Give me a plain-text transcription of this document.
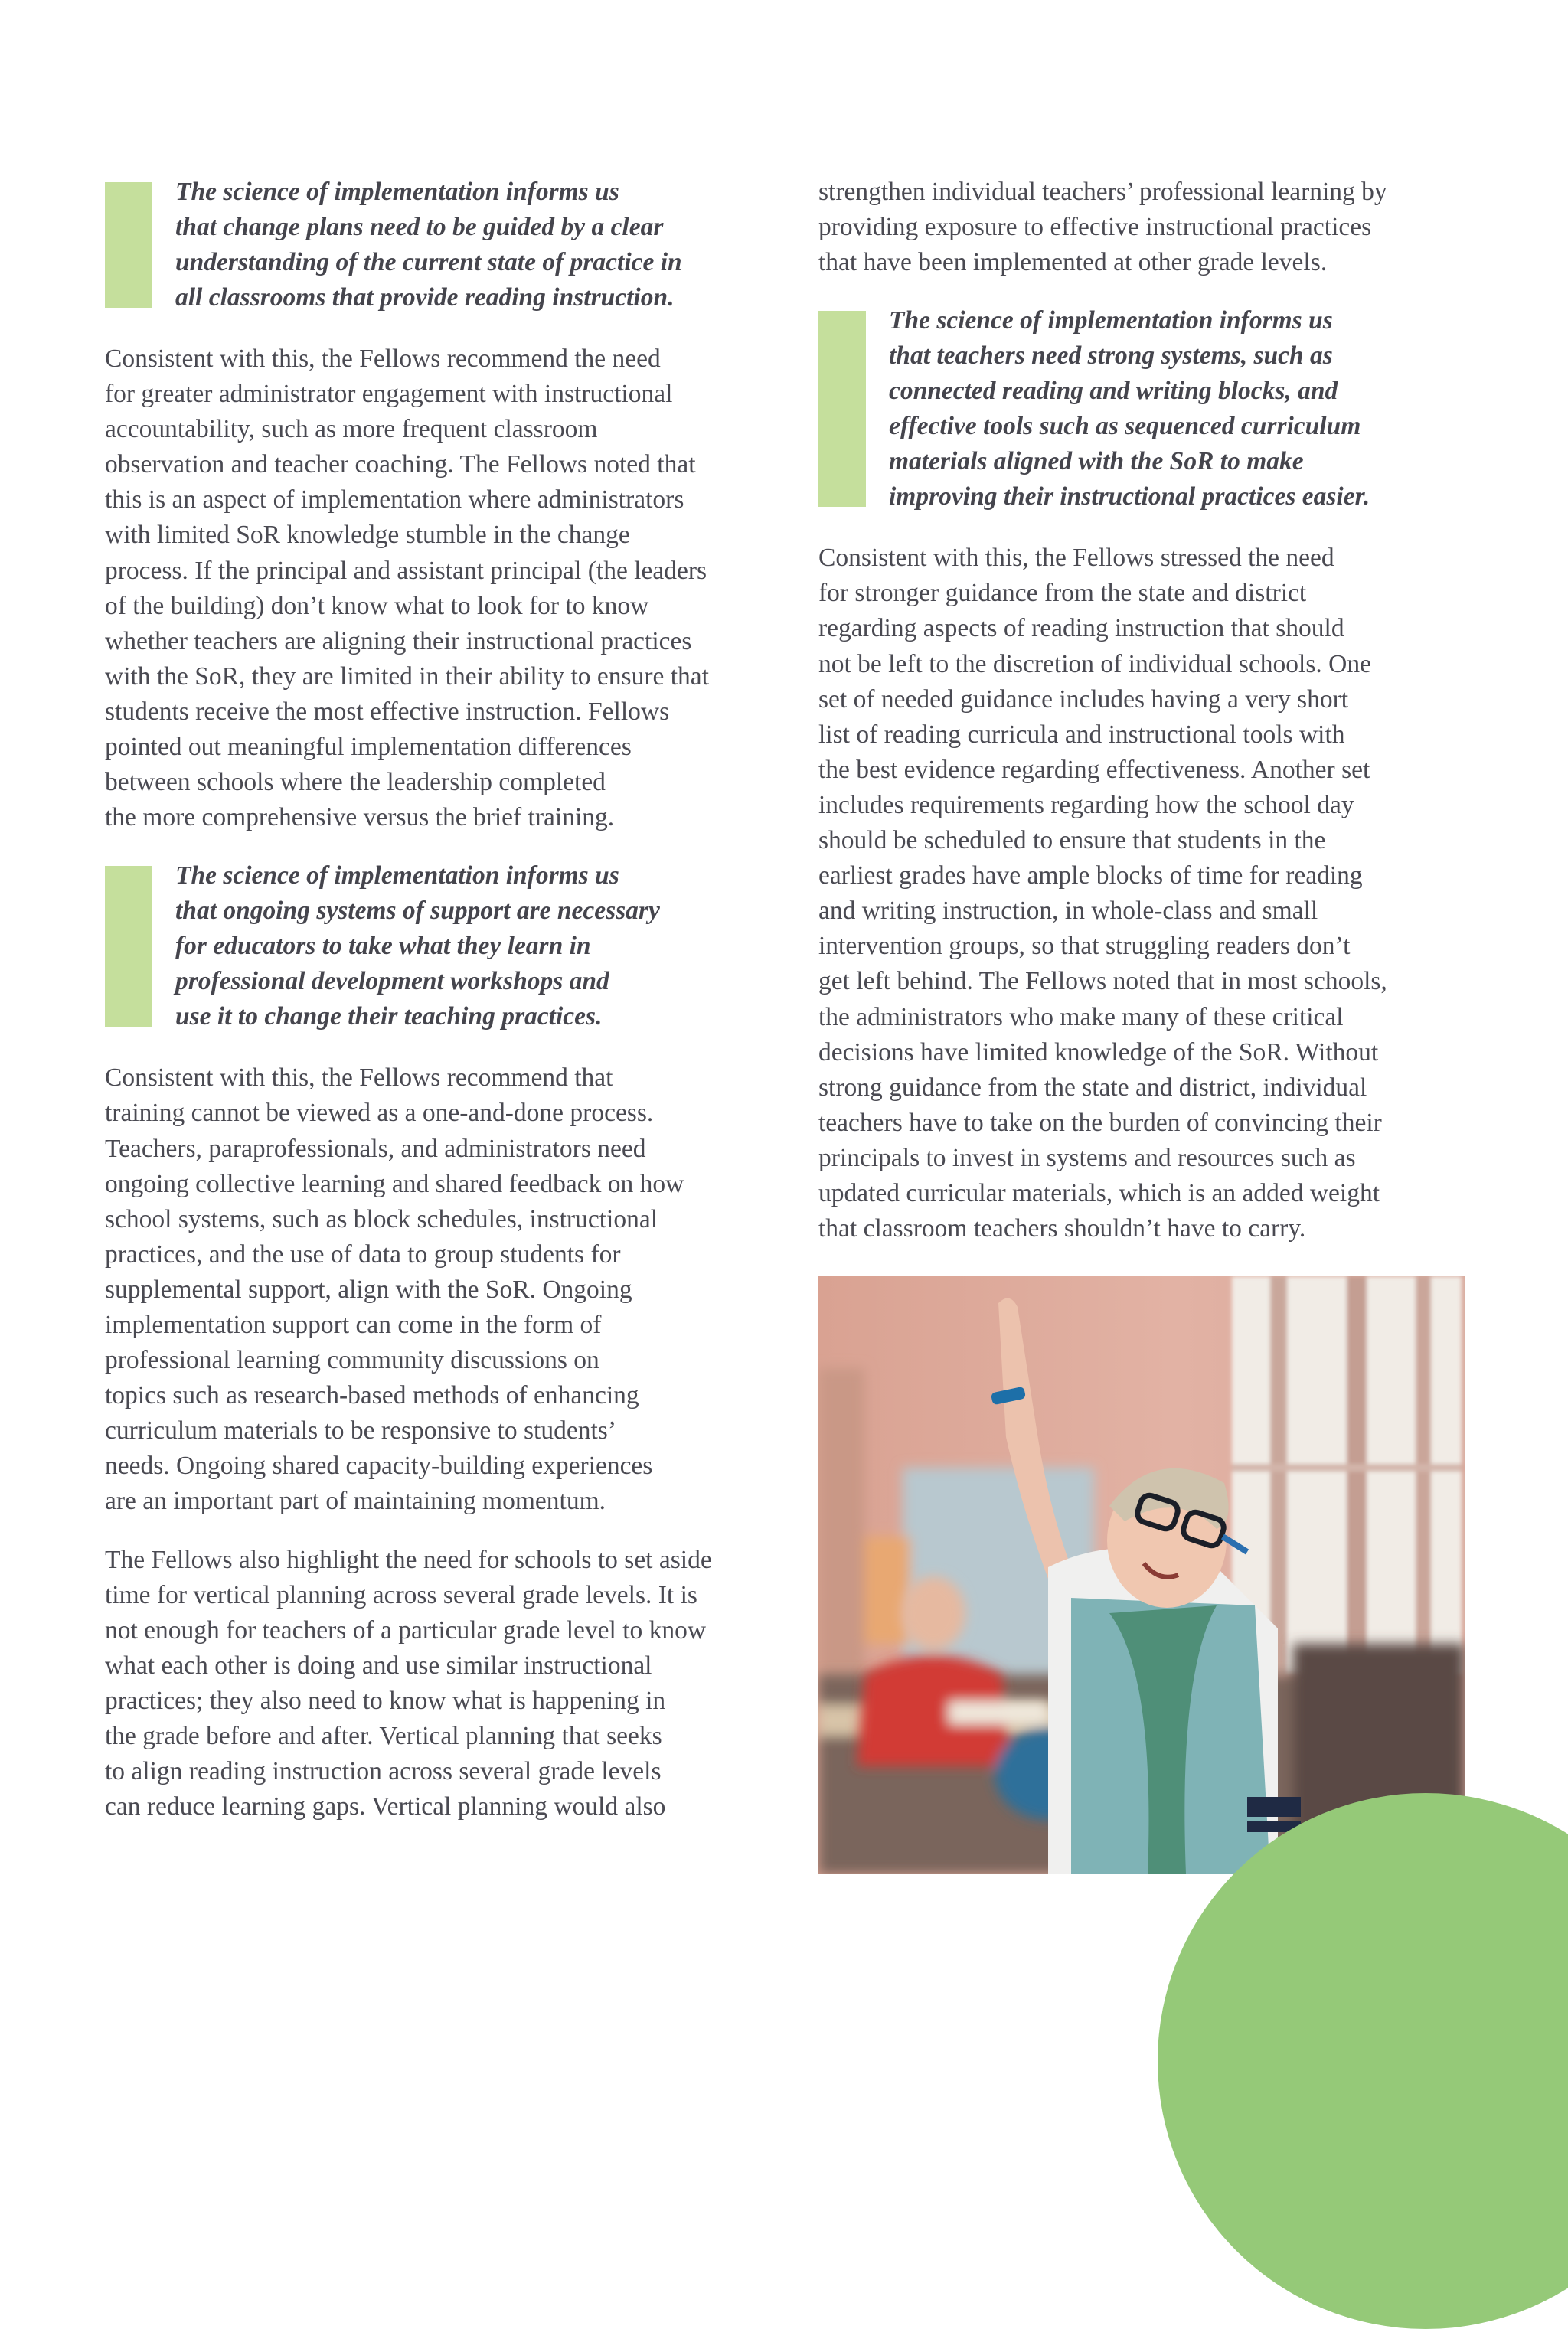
The science of implementation informs us
that change plans need to be guided by a clear
understanding of the current state of practice in
all classrooms that provide reading instruction.

Consistent with this, the Fellows recommend the need
for greater administrator engagement with instructional
accountability, such as more frequent classroom
observation and teacher coaching. The Fellows noted that
this is an aspect of implementation where administrators
with limited SoR knowledge stumble in the change
process. If the principal and assistant principal (the leaders
of the building) don’t know what to look for to know
whether teachers are aligning their instructional practices
with the SoR, they are limited in their ability to ensure that
students receive the most effective instruction. Fellows
pointed out meaningful implementation differences
between schools where the leadership completed
the more comprehensive versus the brief training.

The science of implementation informs us
that ongoing systems of support are necessary
for educators to take what they learn in
professional development workshops and
use it to change their teaching practices.

Consistent with this, the Fellows recommend that
training cannot be viewed as a one-and-done process.
Teachers, paraprofessionals, and administrators need
ongoing collective learning and shared feedback on how
school systems, such as block schedules, instructional
practices, and the use of data to group students for
supplemental support, align with the SoR. Ongoing
implementation support can come in the form of
professional learning community discussions on
topics such as research-based methods of enhancing
curriculum materials to be responsive to students’
needs. Ongoing shared capacity-building experiences
are an important part of maintaining momentum.

The Fellows also highlight the need for schools to set aside
time for vertical planning across several grade levels. It is
not enough for teachers of a particular grade level to know
what each other is doing and use similar instructional
practices; they also need to know what is happening in
the grade before and after. Vertical planning that seeks
to align reading instruction across several grade levels
can reduce learning gaps. Vertical planning would also

strengthen individual teachers’ professional learning by
providing exposure to effective instructional practices
that have been implemented at other grade levels.

The science of implementation informs us
that teachers need strong systems, such as
connected reading and writing blocks, and
effective tools such as sequenced curriculum
materials aligned with the SoR to make
improving their instructional practices easier.

Consistent with this, the Fellows stressed the need
for stronger guidance from the state and district
regarding aspects of reading instruction that should
not be left to the discretion of individual schools. One
set of needed guidance includes having a very short
list of reading curricula and instructional tools with
the best evidence regarding effectiveness. Another set
includes requirements regarding how the school day
should be scheduled to ensure that students in the
earliest grades have ample blocks of time for reading
and writing instruction, in whole-class and small
intervention groups, so that struggling readers don’t
get left behind. The Fellows noted that in most schools,
the administrators who make many of these critical
decisions have limited knowledge of the SoR. Without
strong guidance from the state and district, individual
teachers have to take on the burden of convincing their
principals to invest in systems and resources such as
updated curricular materials, which is an added weight
that classroom teachers shouldn’t have to carry.
